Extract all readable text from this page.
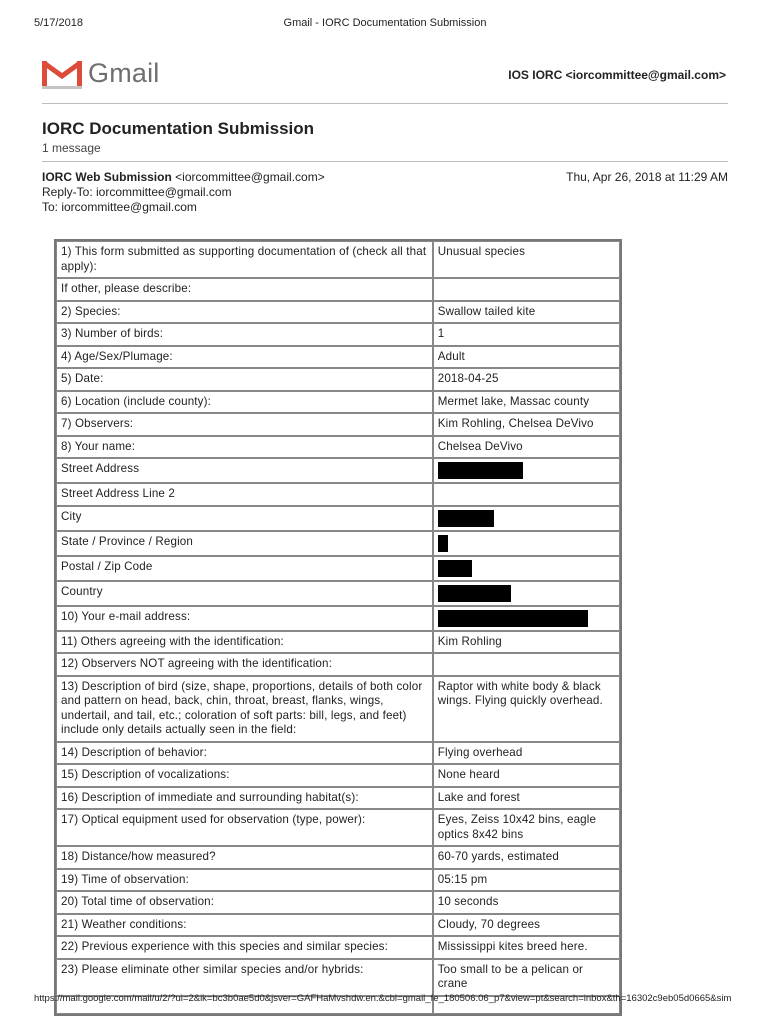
5/17/2018	Gmail - IORC Documentation Submission
Gmail	IOS IORC <iorcommittee@gmail.com>
IORC Documentation Submission
1 message
IORC Web Submission <iorcommittee@gmail.com>
Reply-To: iorcommittee@gmail.com
To: iorcommittee@gmail.com
Thu, Apr 26, 2018 at 11:29 AM
1) This form submitted as supporting documentation of (check all that apply):	Unusual species
If other, please describe:	
2) Species:	Swallow tailed kite
3) Number of birds:	1
4) Age/Sex/Plumage:	Adult
5) Date:	2018-04-25
6) Location (include county):	Mermet lake, Massac county
7) Observers:	Kim Rohling, Chelsea DeVivo
8) Your name:	Chelsea DeVivo
Street Address	
Street Address Line 2	
City	
State / Province / Region	
Postal / Zip Code	
Country	
10) Your e-mail address:	
11) Others agreeing with the identification:	Kim Rohling
12) Observers NOT agreeing with the identification:	
13) Description of bird (size, shape, proportions, details of both color and pattern on head, back, chin, throat, breast, flanks, wings, undertail, and tail, etc.; coloration of soft parts: bill, legs, and feet) include only details actually seen in the field:	Raptor with white body & black wings. Flying quickly overhead.
14) Description of behavior:	Flying overhead
15) Description of vocalizations:	None heard
16) Description of immediate and surrounding habitat(s):	Lake and forest
17) Optical equipment used for observation (type, power):	Eyes, Zeiss 10x42 bins, eagle optics 8x42 bins
18) Distance/how measured?	60-70 yards, estimated
19) Time of observation:	05:15 pm
20) Total time of observation:	10 seconds
21) Weather conditions:	Cloudy, 70 degrees
22) Previous experience with this species and similar species:	Mississippi kites breed here.
23) Please eliminate other similar species and/or hybrids:	Too small to be a pelican or crane

https://mail.google.com/mail/u/2/?ui=2&ik=bc3b0ae5d0&jsver=GAFHaMvshdw.en.&cbl=gmail_fe_180506.06_p7&view=pt&search=inbox&th=16302c9eb05d0665&sim
